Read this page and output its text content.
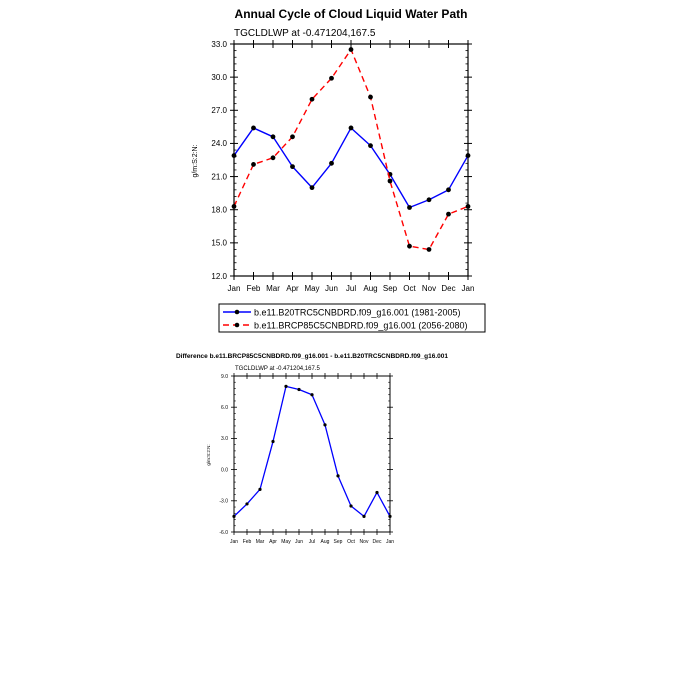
Annual Cycle of Cloud Liquid Water Path
TGCLDLWP at -0.471204,167.5
g/m:S:2:N:
12.0
15.0
18.0
21.0
24.0
27.0
30.0
33.0
Jan Feb Mar Apr May Jun Jul Aug Sep Oct Nov Dec Jan
b.e11.B20TRC5CNBDRD.f09_g16.001 (1981-2005)
b.e11.BRCP85C5CNBDRD.f09_g16.001 (2056-2080)
Difference b.e11.BRCP85C5CNBDRD.f09_g16.001 - b.e11.B20TRC5CNBDRD.f09_g16.001
TGCLDLWP at -0.471204,167.5
g/m:S:2:N:
-6.0
-3.0
0.0
3.0
6.0
9.0
Jan Feb Mar Apr May Jun Jul Aug Sep Oct Nov Dec Jan
